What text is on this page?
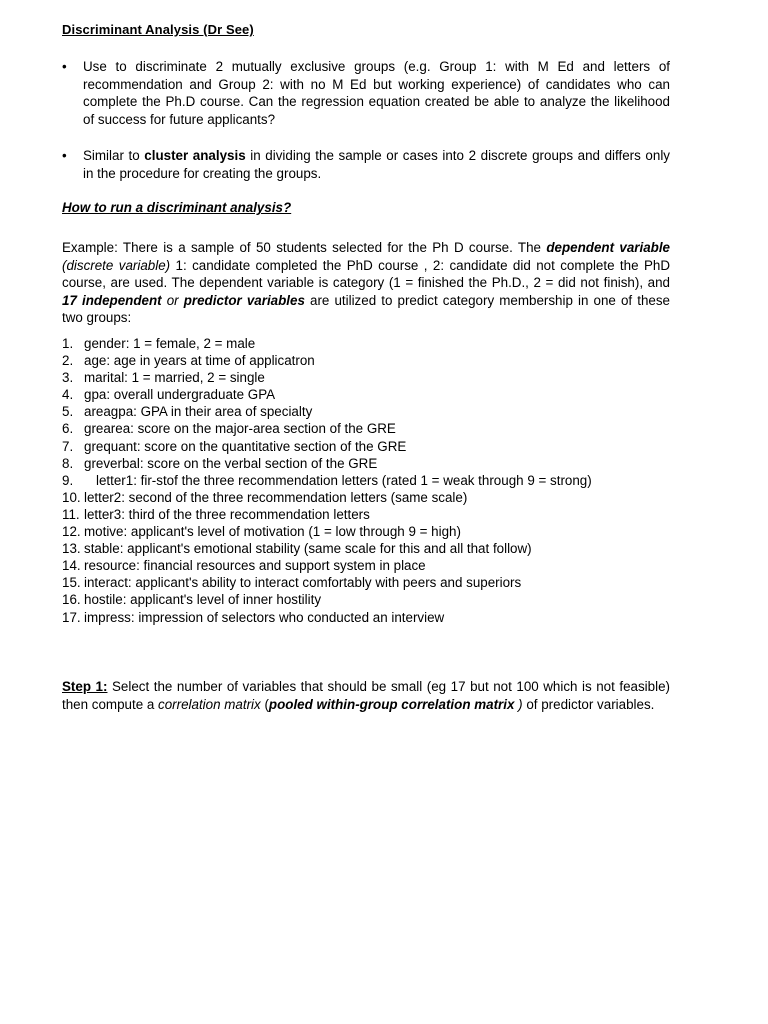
Discriminant Analysis (Dr See)
• Use to discriminate 2 mutually exclusive groups (e.g. Group 1: with M Ed and letters of recommendation and Group 2: with no M Ed but working experience) of candidates who can complete the Ph.D course. Can the regression equation created be able to analyze the likelihood of success for future applicants?
• Similar to cluster analysis in dividing the sample or cases into 2 discrete groups and differs only in the procedure for creating the groups.
How to run a discriminant analysis?
Example: There is a sample of 50 students selected for the Ph D course. The dependent variable (discrete variable) 1: candidate completed the PhD course , 2: candidate did not complete the PhD course, are used. The dependent variable is category (1 = finished the Ph.D., 2 = did not finish), and 17 independent or predictor variables are utilized to predict category membership in one of these two groups:
1. gender: 1 = female, 2 = male
2. age: age in years at time of applicatron
3. marital: 1 = married, 2 = single
4. gpa: overall undergraduate GPA
5. areagpa: GPA in their area of specialty
6. grearea: score on the major-area section of the GRE
7. grequant: score on the quantitative section of the GRE
8. greverbal: score on the verbal section of the GRE
9.	letter1: fir-stof the three recommendation letters (rated 1 = weak through 9 = strong)
10. letter2: second of the three recommendation letters (same scale)
11. letter3: third of the three recommendation letters
12. motive: applicant's level of motivation (1 = low through 9 = high)
13. stable: applicant's emotional stability (same scale for this and all that follow)
14. resource: financial resources and support system in place
15. interact: applicant's ability to interact comfortably with peers and superiors
16. hostile: applicant's level of inner hostility
17. impress: impression of selectors who conducted an interview
Step 1: Select the number of variables that should be small (eg 17 but not 100 which is not feasible) then compute a correlation matrix (pooled within-group correlation matrix ) of predictor variables.
